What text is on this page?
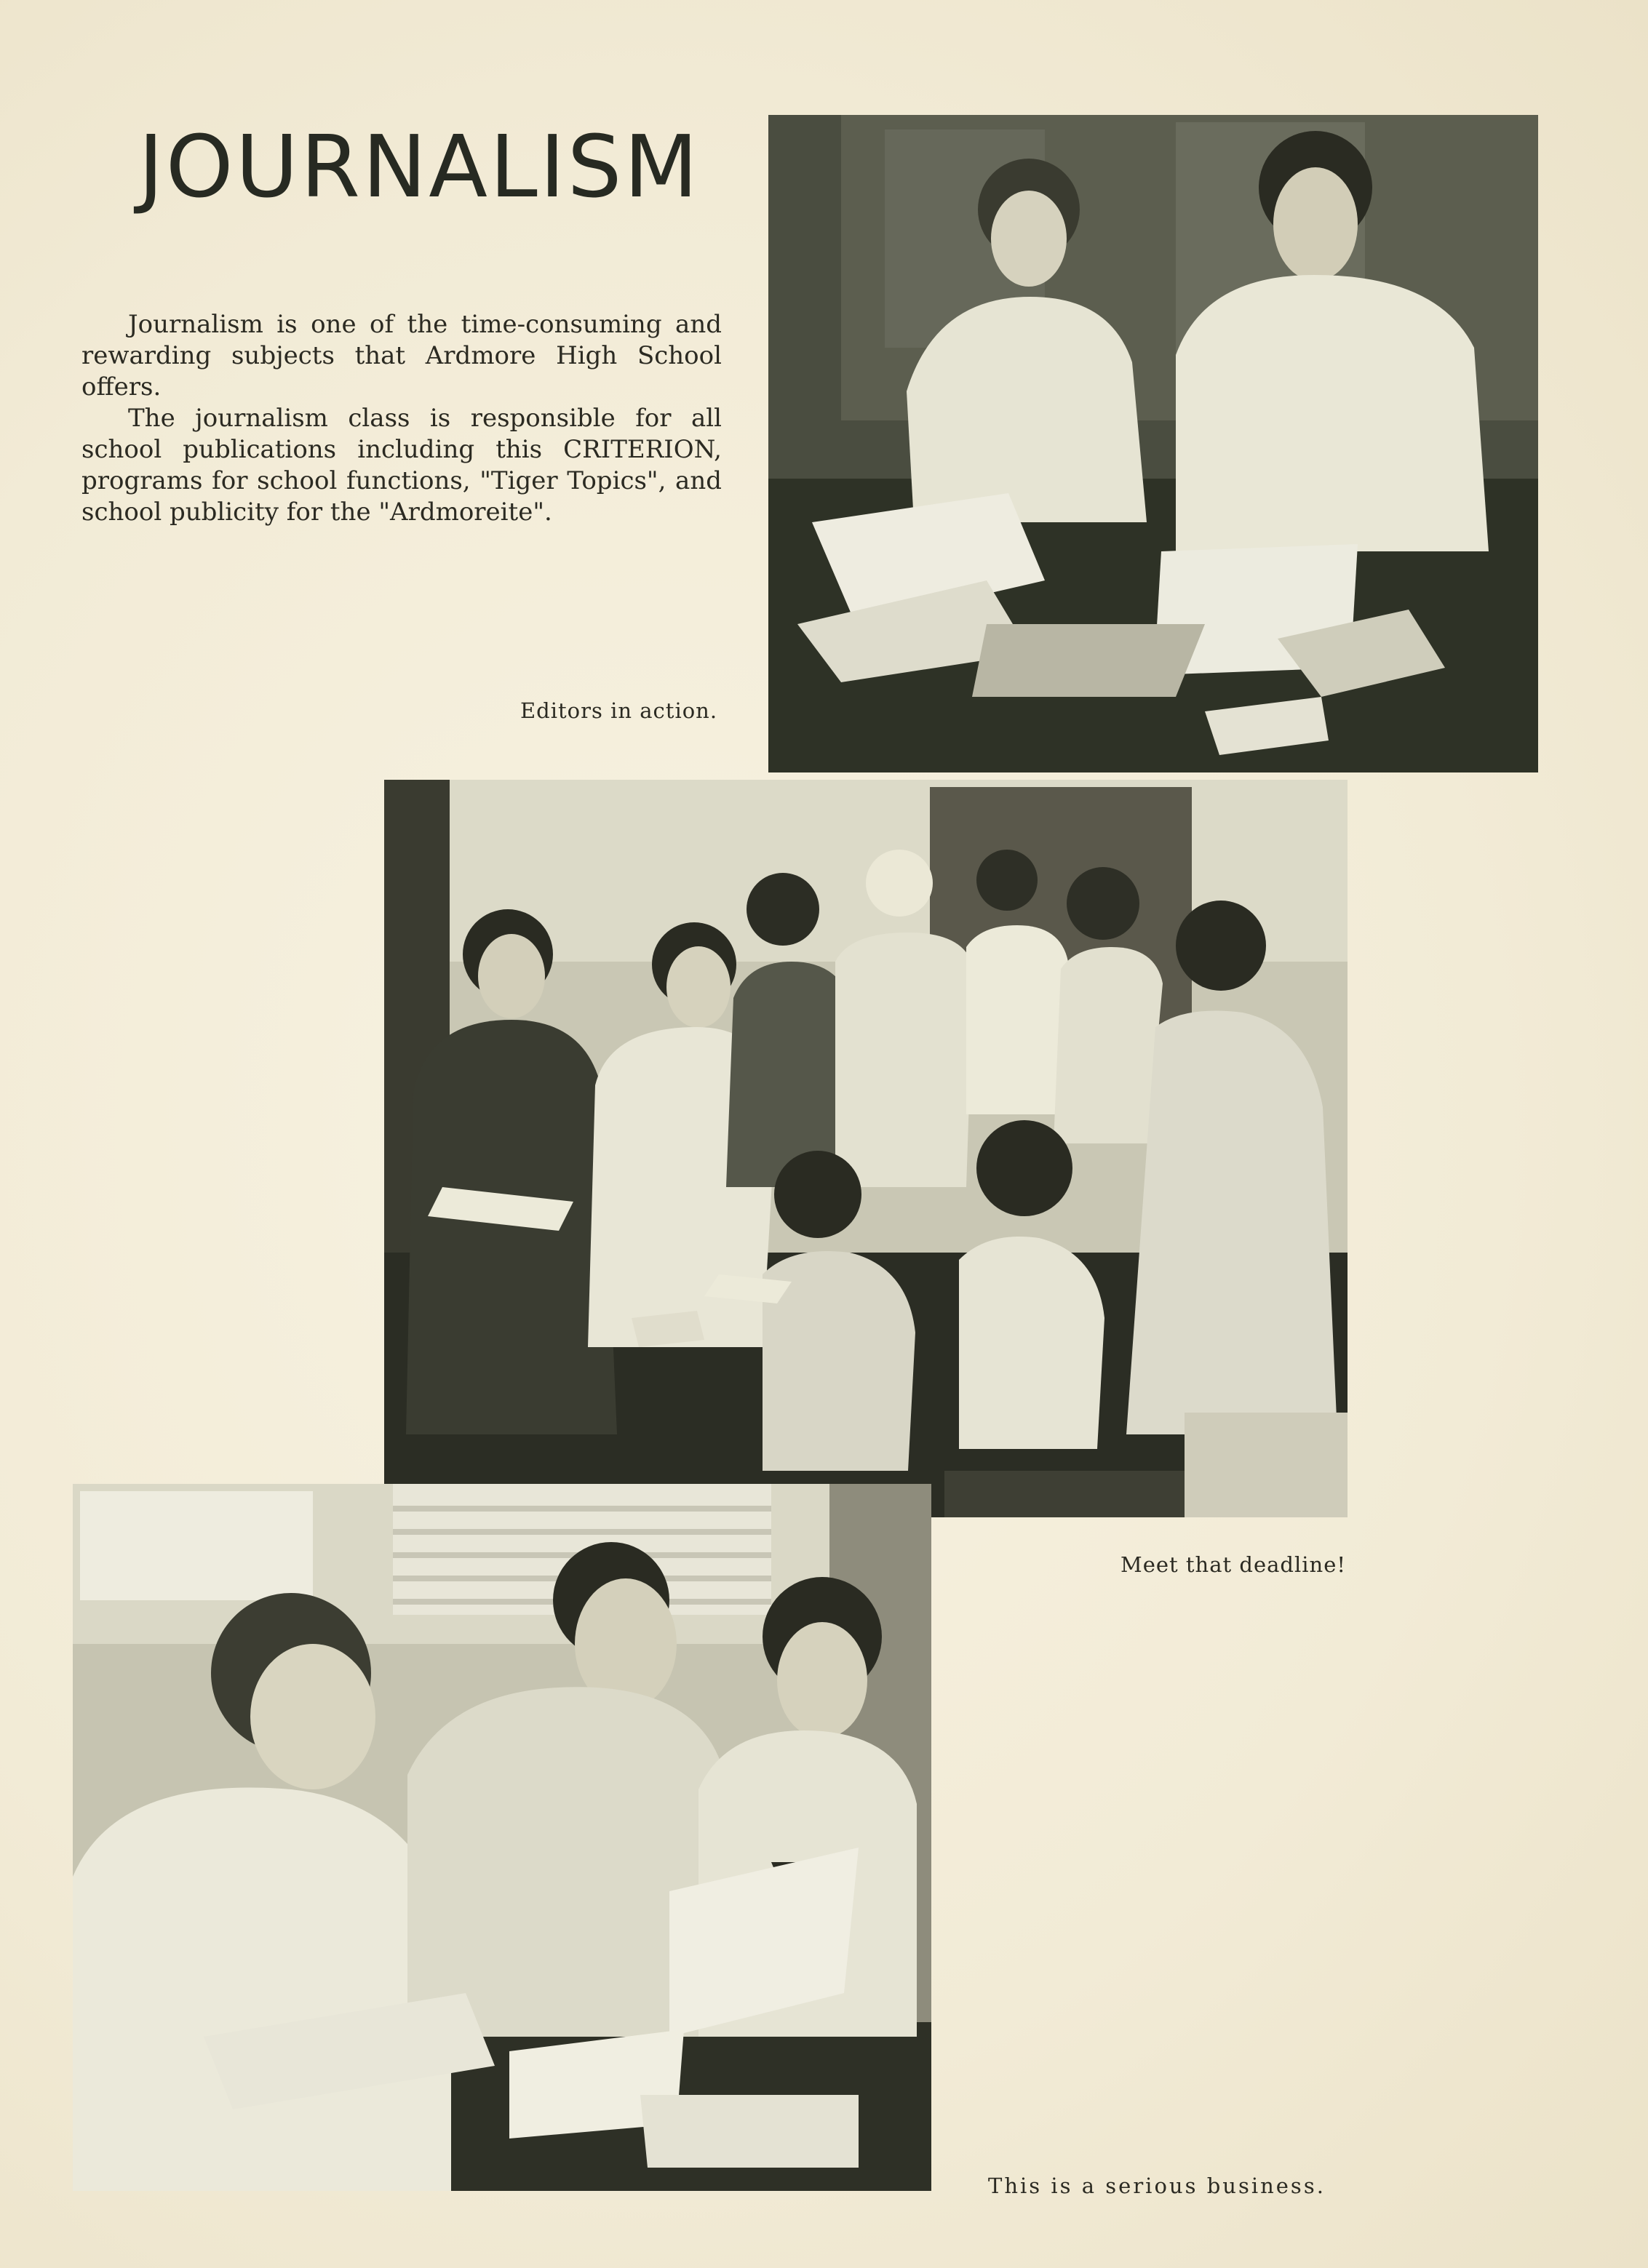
JOURNALISM

Journalism is one of the time-consuming and rewarding subjects that Ardmore High School offers.

The journalism class is responsible for all school publications including this CRITERION, programs for school functions, "Tiger Topics", and school publicity for the "Ardmoreite".

Editors in action.
Meet that deadline!
This is a serious business.
